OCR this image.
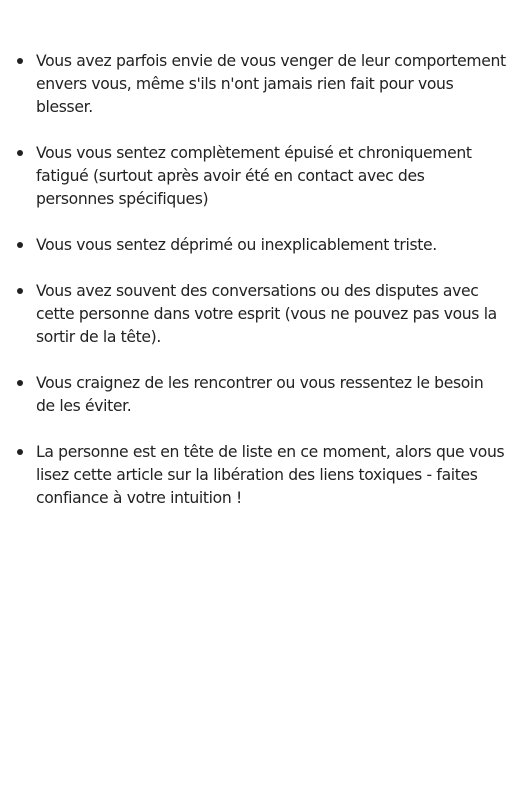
Vous avez parfois envie de vous venger de leur comportement envers vous, même s'ils n'ont jamais rien fait pour vous blesser.
Vous vous sentez complètement épuisé et chroniquement fatigué (surtout après avoir été en contact avec des personnes spécifiques)
Vous vous sentez déprimé ou inexplicablement triste.
Vous avez souvent des conversations ou des disputes avec cette personne dans votre esprit (vous ne pouvez pas vous la sortir de la tête).
Vous craignez de les rencontrer ou vous ressentez le besoin de les éviter.
La personne est en tête de liste en ce moment, alors que vous lisez cette article sur la libération des liens toxiques - faites confiance à votre intuition !
